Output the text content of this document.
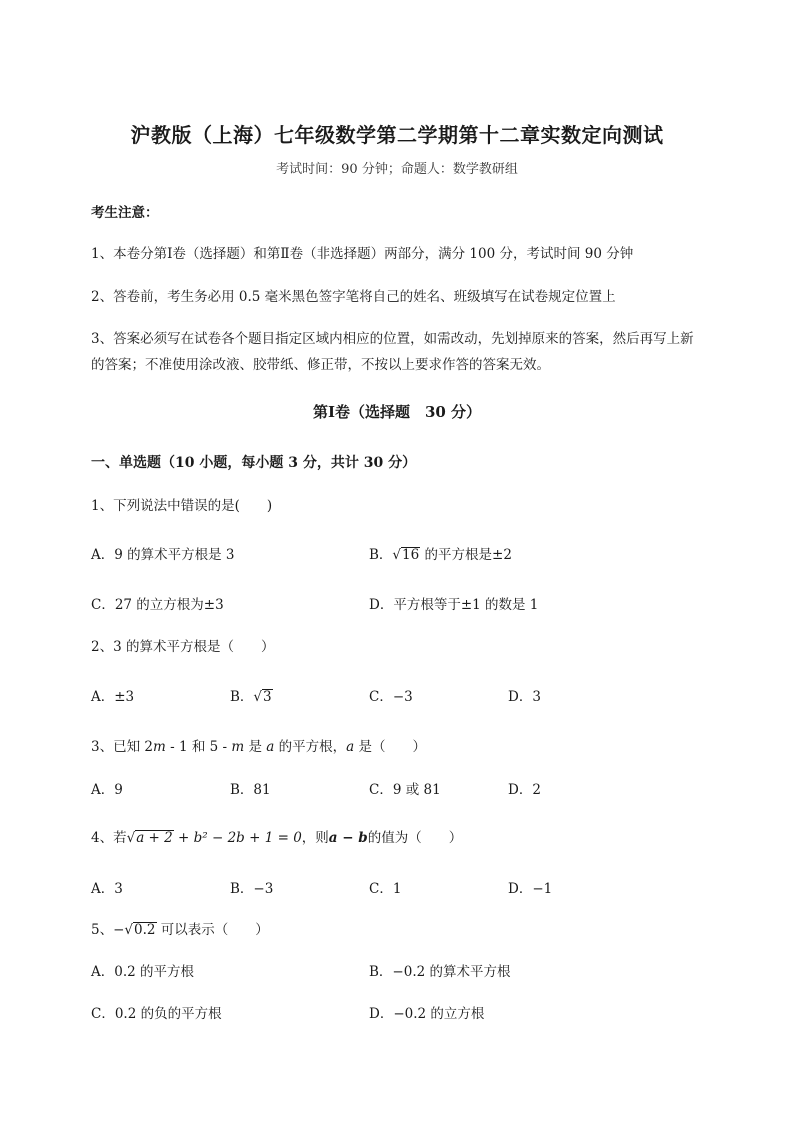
沪教版（上海）七年级数学第二学期第十二章实数定向测试
考试时间：90 分钟；命题人：数学教研组
考生注意：
1、本卷分第Ⅰ卷（选择题）和第Ⅱ卷（非选择题）两部分，满分 100 分，考试时间 90 分钟
2、答卷前，考生务必用 0.5 毫米黑色签字笔将自己的姓名、班级填写在试卷规定位置上
3、答案必须写在试卷各个题目指定区域内相应的位置，如需改动，先划掉原来的答案，然后再写上新
的答案；不准使用涂改液、胶带纸、修正带，不按以上要求作答的答案无效。
第Ⅰ卷（选择题　30 分）
一、单选题（10 小题，每小题 3 分，共计 30 分）
1、下列说法中错误的是(　　)
A．9 的算术平方根是 3	B．√16 的平方根是±2
C．27 的立方根为±3	D．平方根等于±1 的数是 1
2、3 的算术平方根是（　　）
A．±3	B．√3	C．−3	D．3
3、已知 2m - 1 和 5 - m 是 a 的平方根，a 是（　　）
A．9	B．81	C．9 或 81	D．2
4、若√a + 2 + b² − 2b + 1 = 0，则a − b的值为（　　）
A．3	B．−3	C．1	D．−1
5、−√0.2 可以表示（　　）
A．0.2 的平方根	B．−0.2 的算术平方根
C．0.2 的负的平方根	D．−0.2 的立方根
